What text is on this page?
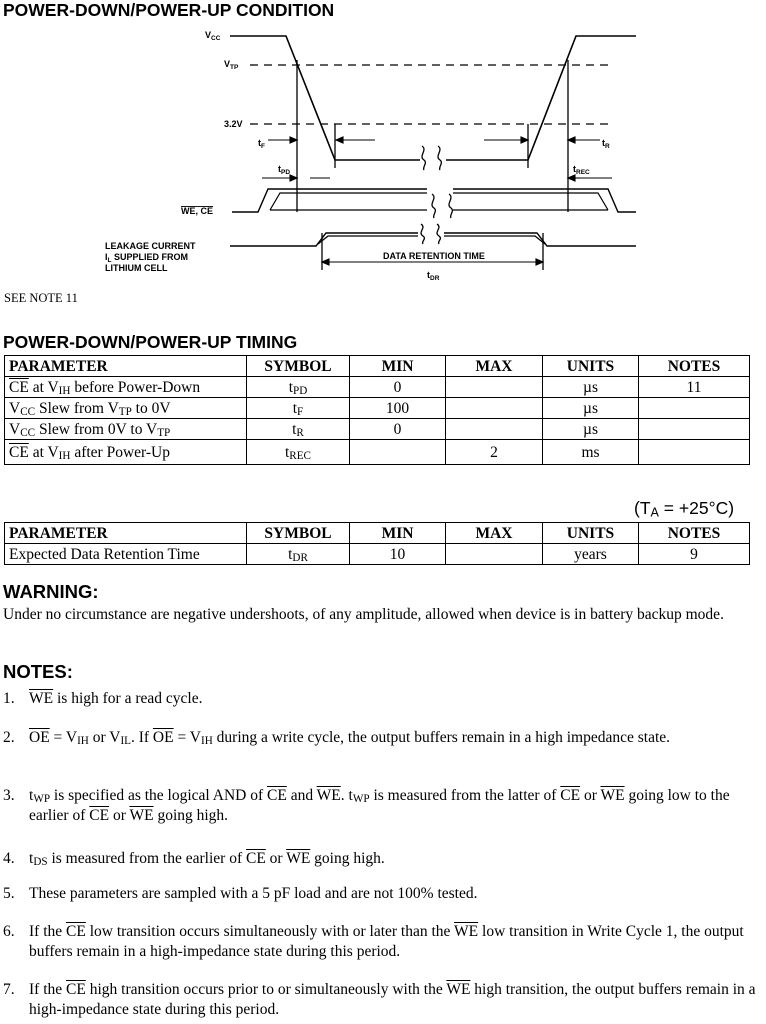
POWER-DOWN/POWER-UP CONDITION
$V_{CC}$
$V_{TP}$
3.2V
$t_F$	$t_R$
$t_{PD}$	$t_{REC}$
WE, CE
LEAKAGE CURRENT
$I_L$ SUPPLIED FROM
LITHIUM CELL
DATA RETENTION TIME
$t_{DR}$
SEE NOTE 11
POWER-DOWN/POWER-UP TIMING
PARAMETER	SYMBOL	MIN	MAX	UNITS	NOTES
$\overline{CE}$ at $V_{IH}$ before Power-Down	$t_{PD}$	0		µs	11
$V_{CC}$ Slew from $V_{TP}$ to 0V	$t_F$	100		µs	
$V_{CC}$ Slew from 0V to $V_{TP}$	$t_R$	0		µs	
$\overline{CE}$ at $V_{IH}$ after Power-Up	$t_{REC}$		2	ms	
$(T_A = +25^\circ C)$
PARAMETER	SYMBOL	MIN	MAX	UNITS	NOTES
Expected Data Retention Time	$t_{DR}$	10		years	9
WARNING:
Under no circumstance are negative undershoots, of any amplitude, allowed when device is in battery backup mode.
NOTES:
1. $\overline{WE}$ is high for a read cycle.
2. $\overline{OE} = V_{IH}$ or $V_{IL}$. If $\overline{OE} = V_{IH}$ during a write cycle, the output buffers remain in a high impedance state.
3. $t_{WP}$ is specified as the logical AND of $\overline{CE}$ and $\overline{WE}$. $t_{WP}$ is measured from the latter of $\overline{CE}$ or $\overline{WE}$ going low to the earlier of $\overline{CE}$ or $\overline{WE}$ going high.
4. $t_{DS}$ is measured from the earlier of $\overline{CE}$ or $\overline{WE}$ going high.
5. These parameters are sampled with a 5 pF load and are not 100% tested.
6. If the $\overline{CE}$ low transition occurs simultaneously with or later than the $\overline{WE}$ low transition in Write Cycle 1, the output buffers remain in a high-impedance state during this period.
7. If the $\overline{CE}$ high transition occurs prior to or simultaneously with the $\overline{WE}$ high transition, the output buffers remain in a high-impedance state during this period.
